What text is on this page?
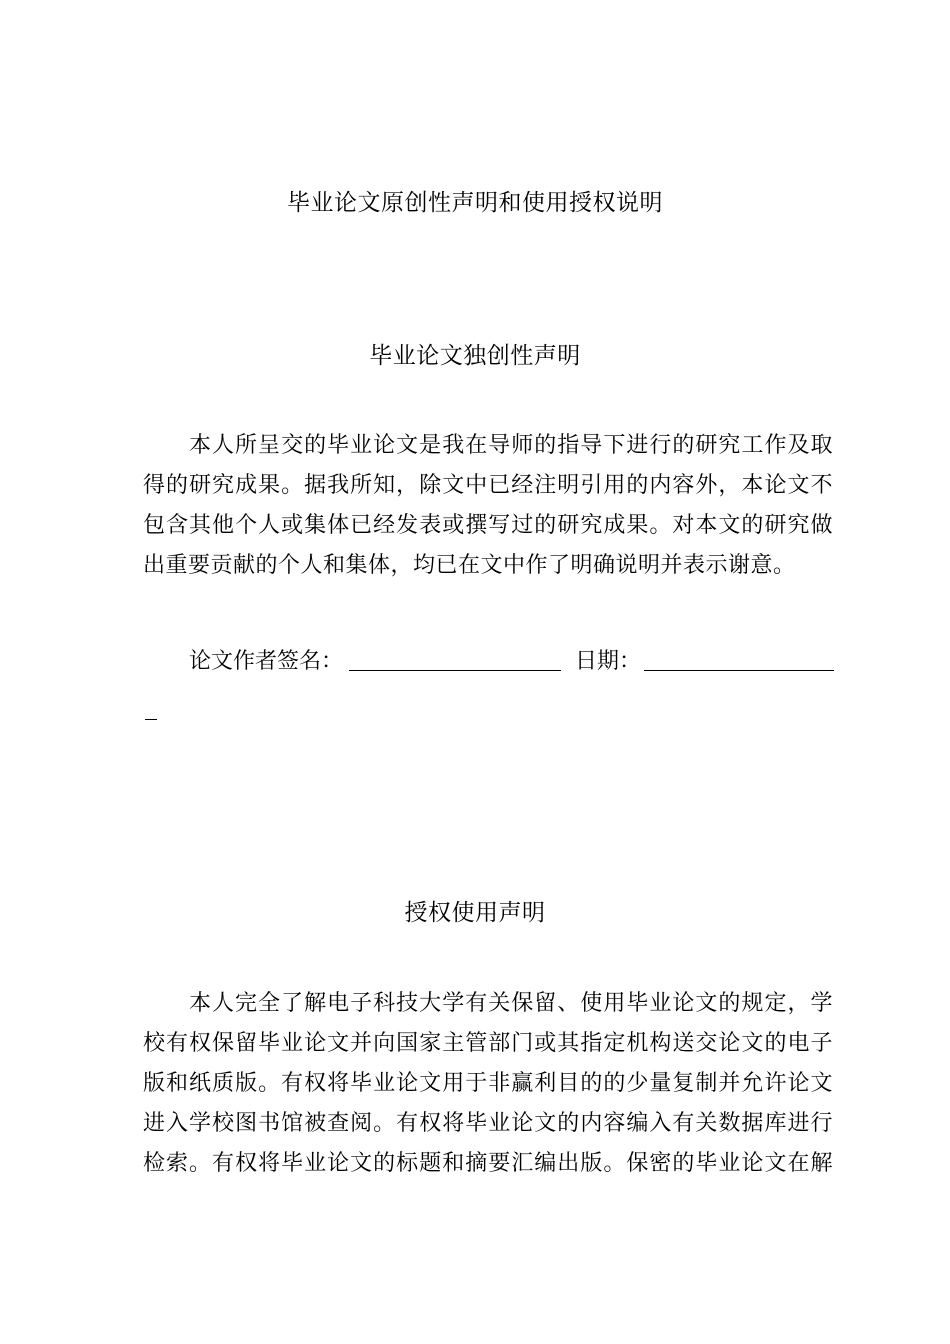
毕业论文原创性声明和使用授权说明
毕业论文独创性声明
本人所呈交的毕业论文是我在导师的指导下进行的研究工作及取
得的研究成果。据我所知，除文中已经注明引用的内容外，本论文不
包含其他个人或集体已经发表或撰写过的研究成果。对本文的研究做
出重要贡献的个人和集体，均已在文中作了明确说明并表示谢意。
论文作者签名：	日期：
授权使用声明
本人完全了解电子科技大学有关保留、使用毕业论文的规定，学
校有权保留毕业论文并向国家主管部门或其指定机构送交论文的电子
版和纸质版。有权将毕业论文用于非赢利目的的少量复制并允许论文
进入学校图书馆被查阅。有权将毕业论文的内容编入有关数据库进行
检索。有权将毕业论文的标题和摘要汇编出版。保密的毕业论文在解
